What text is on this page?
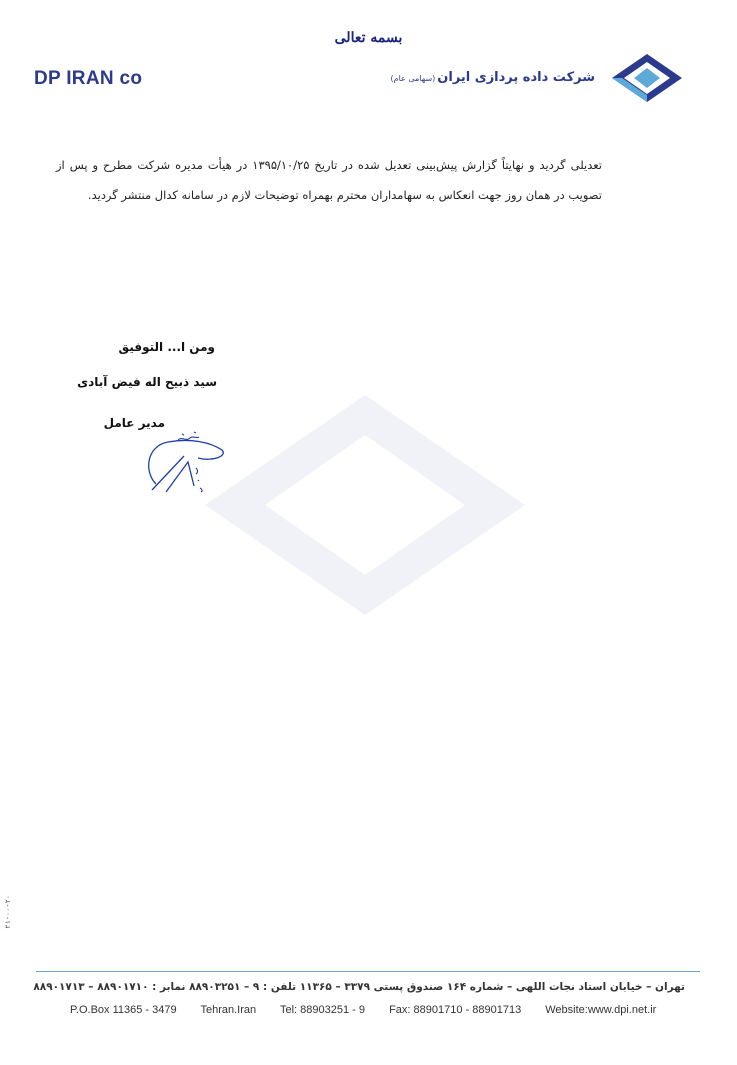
بسمه تعالی
DP IRAN co	شرکت داده پردازی ایران(سهامی عام)

تعدیلی گردید و نهایتاً گزارش پیش‌بینی تعدیل شده در تاریخ ۱۳۹۵/۱۰/۲۵ در هیأت مدیره شرکت مطرح و پس از تصویب در همان روز جهت انعکاس به سهامداران محترم بهمراه توضیحات لازم در سامانه کدال منتشر گردید.

ومن ا... التوفیق
سید ذبیح اله فیض آبادی
مدیر عامل
۲۱-۰۰-۲۰
تهران – خیابان استاد نجات اللهی – شماره ۱۶۴ صندوق پستی ۳۳۷۹ – ۱۱۳۶۵ تلفن : ۹ – ۸۸۹۰۳۲۵۱ نمابر : ۸۸۹۰۱۷۱۰ – ۸۸۹۰۱۷۱۳
P.O.Box 11365 - 3479 Tehran.Iran Tel: 88903251 - 9 Fax: 88901710 - 88901713 Website:www.dpi.net.ir
